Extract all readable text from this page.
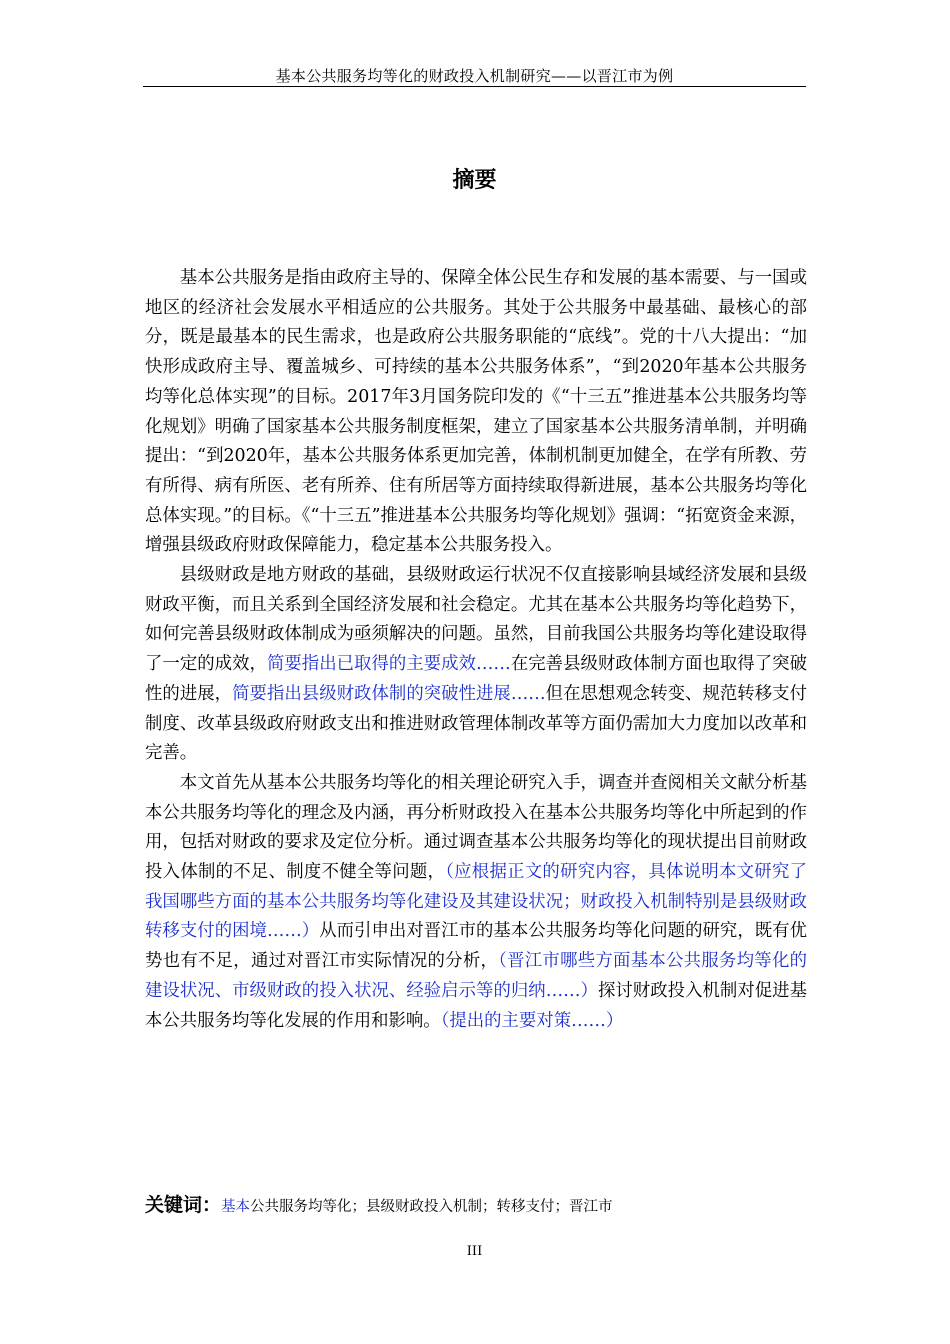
基本公共服务均等化的财政投入机制研究——以晋江市为例
摘要

基本公共服务是指由政府主导的、保障全体公民生存和发展的基本需要、与一国或地区的经济社会发展水平相适应的公共服务。其处于公共服务中最基础、最核心的部分，既是最基本的民生需求，也是政府公共服务职能的“底线”。党的十八大提出：“加快形成政府主导、覆盖城乡、可持续的基本公共服务体系”，“到2020年基本公共服务均等化总体实现”的目标。2017年3月国务院印发的《“十三五”推进基本公共服务均等化规划》明确了国家基本公共服务制度框架，建立了国家基本公共服务清单制，并明确提出：“到2020年，基本公共服务体系更加完善，体制机制更加健全，在学有所教、劳有所得、病有所医、老有所养、住有所居等方面持续取得新进展，基本公共服务均等化总体实现。”的目标。《“十三五”推进基本公共服务均等化规划》强调：“拓宽资金来源，增强县级政府财政保障能力，稳定基本公共服务投入。

县级财政是地方财政的基础，县级财政运行状况不仅直接影响县域经济发展和县级财政平衡，而且关系到全国经济发展和社会稳定。尤其在基本公共服务均等化趋势下，如何完善县级财政体制成为亟须解决的问题。虽然，目前我国公共服务均等化建设取得了一定的成效，简要指出已取得的主要成效……在完善县级财政体制方面也取得了突破性的进展，简要指出县级财政体制的突破性进展……但在思想观念转变、规范转移支付制度、改革县级政府财政支出和推进财政管理体制改革等方面仍需加大力度加以改革和完善。

本文首先从基本公共服务均等化的相关理论研究入手，调查并查阅相关文献分析基本公共服务均等化的理念及内涵，再分析财政投入在基本公共服务均等化中所起到的作用，包括对财政的要求及定位分析。通过调查基本公共服务均等化的现状提出目前财政投入体制的不足、制度不健全等问题，（应根据正文的研究内容，具体说明本文研究了我国哪些方面的基本公共服务均等化建设及其建设状况；财政投入机制特别是县级财政转移支付的困境……）从而引申出对晋江市的基本公共服务均等化问题的研究，既有优势也有不足，通过对晋江市实际情况的分析，（晋江市哪些方面基本公共服务均等化的建设状况、市级财政的投入状况、经验启示等的归纳……）探讨财政投入机制对促进基本公共服务均等化发展的作用和影响。（提出的主要对策……）

关键词：基本公共服务均等化；县级财政投入机制；转移支付；晋江市
III
